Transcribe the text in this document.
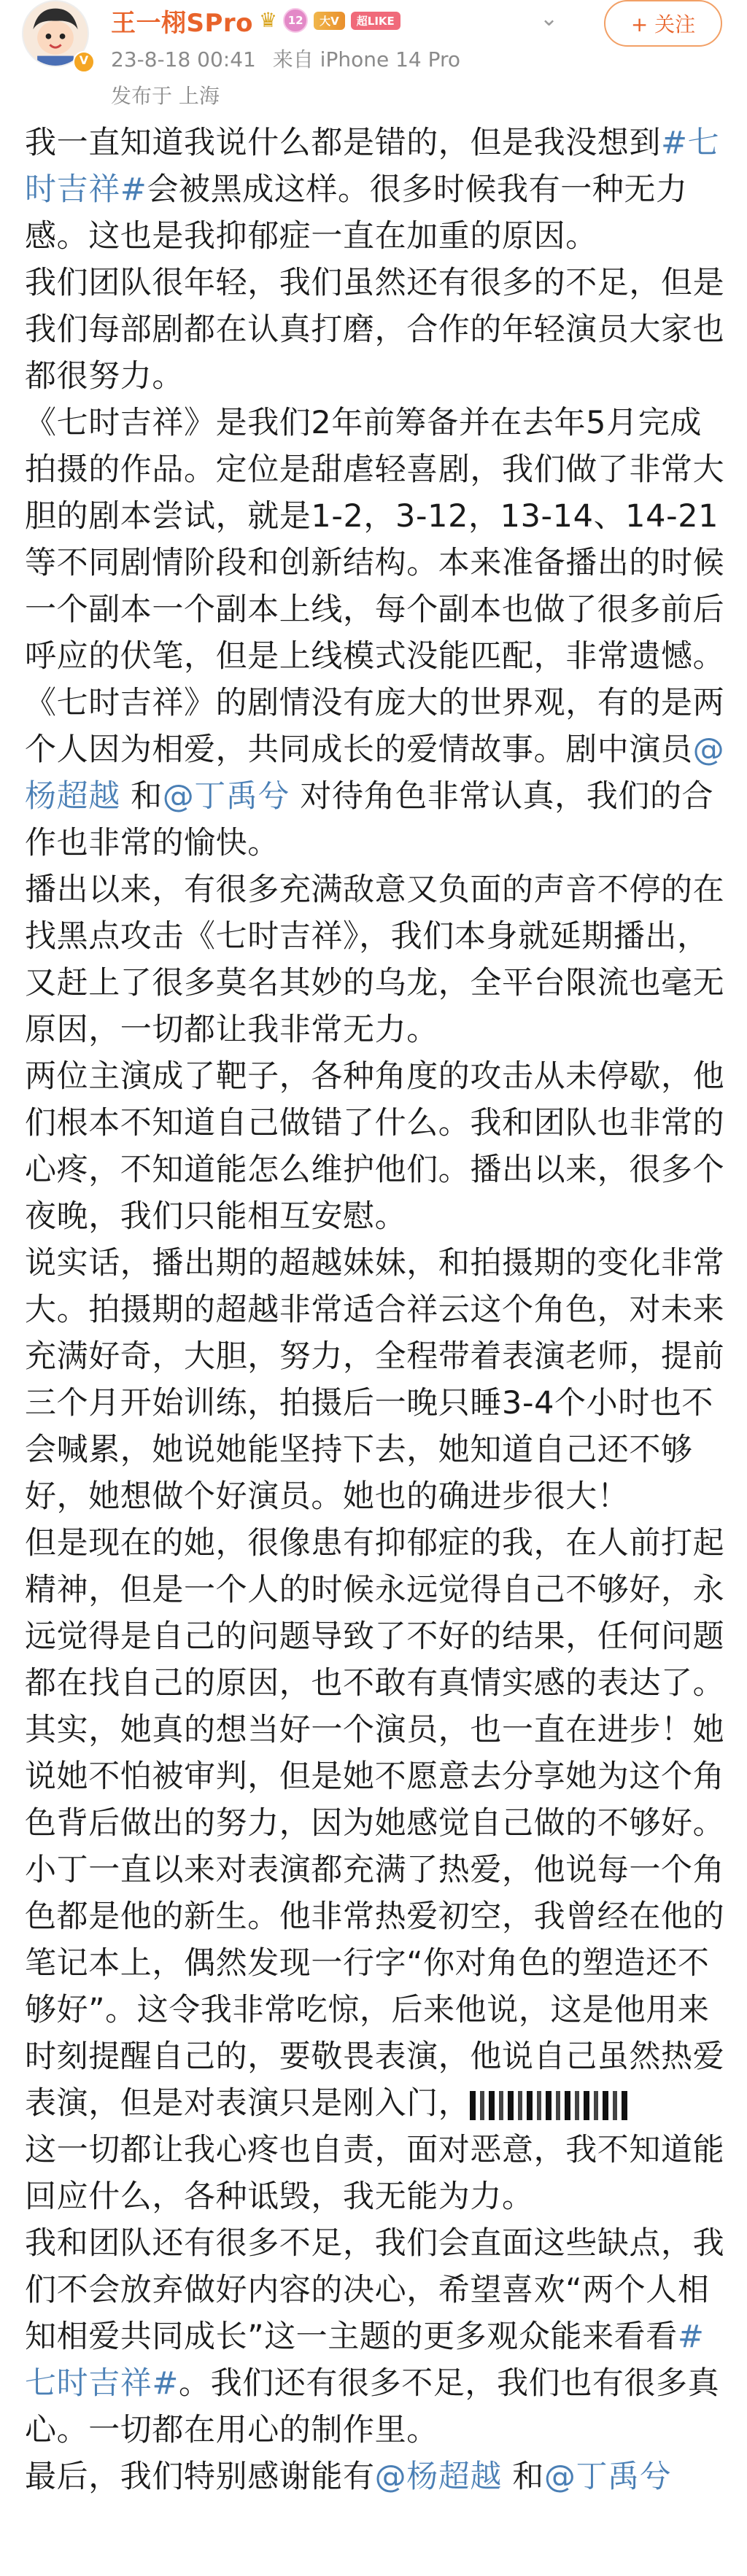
V
王一栩SPro ♛ 12	大V	超LIKE	⌄	+ 关注
23-8-18 00:41 来自 iPhone 14 Pro
发布于 上海

我一直知道我说什么都是错的，但是我没想到#七时吉祥#会被黑成这样。很多时候我有一种无力感。这也是我抑郁症一直在加重的原因。

我们团队很年轻，我们虽然还有很多的不足，但是我们每部剧都在认真打磨，合作的年轻演员大家也都很努力。

《七时吉祥》是我们2年前筹备并在去年5月完成拍摄的作品。定位是甜虐轻喜剧，我们做了非常大胆的剧本尝试，就是1-2，3-12，13-14、14-21等不同剧情阶段和创新结构。本来准备播出的时候一个副本一个副本上线，每个副本也做了很多前后呼应的伏笔，但是上线模式没能匹配，非常遗憾。

《七时吉祥》的剧情没有庞大的世界观，有的是两个人因为相爱，共同成长的爱情故事。剧中演员@杨超越 和@丁禹兮 对待角色非常认真，我们的合作也非常的愉快。

播出以来，有很多充满敌意又负面的声音不停的在找黑点攻击《七时吉祥》，我们本身就延期播出，又赶上了很多莫名其妙的乌龙，全平台限流也毫无原因，一切都让我非常无力。

两位主演成了靶子，各种角度的攻击从未停歇，他们根本不知道自己做错了什么。我和团队也非常的心疼，不知道能怎么维护他们。播出以来，很多个夜晚，我们只能相互安慰。

说实话，播出期的超越妹妹，和拍摄期的变化非常大。拍摄期的超越非常适合祥云这个角色，对未来充满好奇，大胆，努力，全程带着表演老师，提前三个月开始训练，拍摄后一晚只睡3-4个小时也不会喊累，她说她能坚持下去，她知道自己还不够好，她想做个好演员。她也的确进步很大！

但是现在的她，很像患有抑郁症的我，在人前打起精神，但是一个人的时候永远觉得自己不够好，永远觉得是自己的问题导致了不好的结果，任何问题都在找自己的原因，也不敢有真情实感的表达了。其实，她真的想当好一个演员，也一直在进步！她说她不怕被审判，但是她不愿意去分享她为这个角色背后做出的努力，因为她感觉自己做的不够好。

小丁一直以来对表演都充满了热爱，他说每一个角色都是他的新生。他非常热爱初空，我曾经在他的笔记本上，偶然发现一行字“你对角色的塑造还不够好”。这令我非常吃惊，后来他说，这是他用来时刻提醒自己的，要敬畏表演，他说自己虽然热爱表演，但是对表演只是刚入门，

这一切都让我心疼也自责，面对恶意，我不知道能回应什么，各种诋毁，我无能为力。

我和团队还有很多不足，我们会直面这些缺点，我们不会放弃做好内容的决心，希望喜欢“两个人相知相爱共同成长”这一主题的更多观众能来看看#七时吉祥#。我们还有很多不足，我们也有很多真心。一切都在用心的制作里。

最后，我们特别感谢能有@杨超越 和@丁禹兮
